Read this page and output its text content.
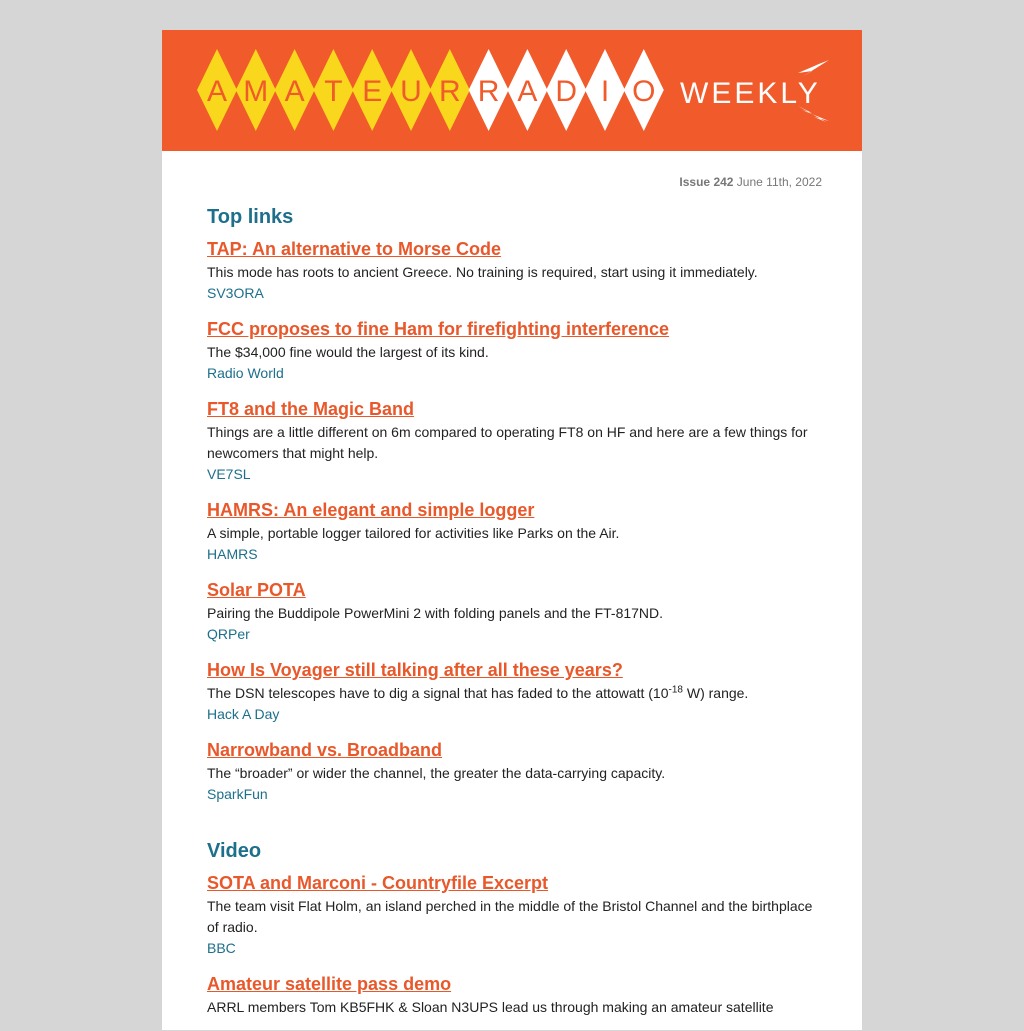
A M A T E U R R A D I O WEEKLY
Issue 242 June 11th, 2022
Top links
TAP: An alternative to Morse Code
This mode has roots to ancient Greece. No training is required, start using it immediately.
SV3ORA
FCC proposes to fine Ham for firefighting interference
The $34,000 fine would the largest of its kind.
Radio World
FT8 and the Magic Band
Things are a little different on 6m compared to operating FT8 on HF and here are a few things for newcomers that might help.
VE7SL
HAMRS: An elegant and simple logger
A simple, portable logger tailored for activities like Parks on the Air.
HAMRS
Solar POTA
Pairing the Buddipole PowerMini 2 with folding panels and the FT-817ND.
QRPer
How Is Voyager still talking after all these years?
The DSN telescopes have to dig a signal that has faded to the attowatt ($10^{-18}$ W) range.
Hack A Day
Narrowband vs. Broadband
The “broader” or wider the channel, the greater the data-carrying capacity.
SparkFun
Video
SOTA and Marconi - Countryfile Excerpt
The team visit Flat Holm, an island perched in the middle of the Bristol Channel and the birthplace of radio.
BBC
Amateur satellite pass demo
ARRL members Tom KB5FHK & Sloan N3UPS lead us through making an amateur satellite
